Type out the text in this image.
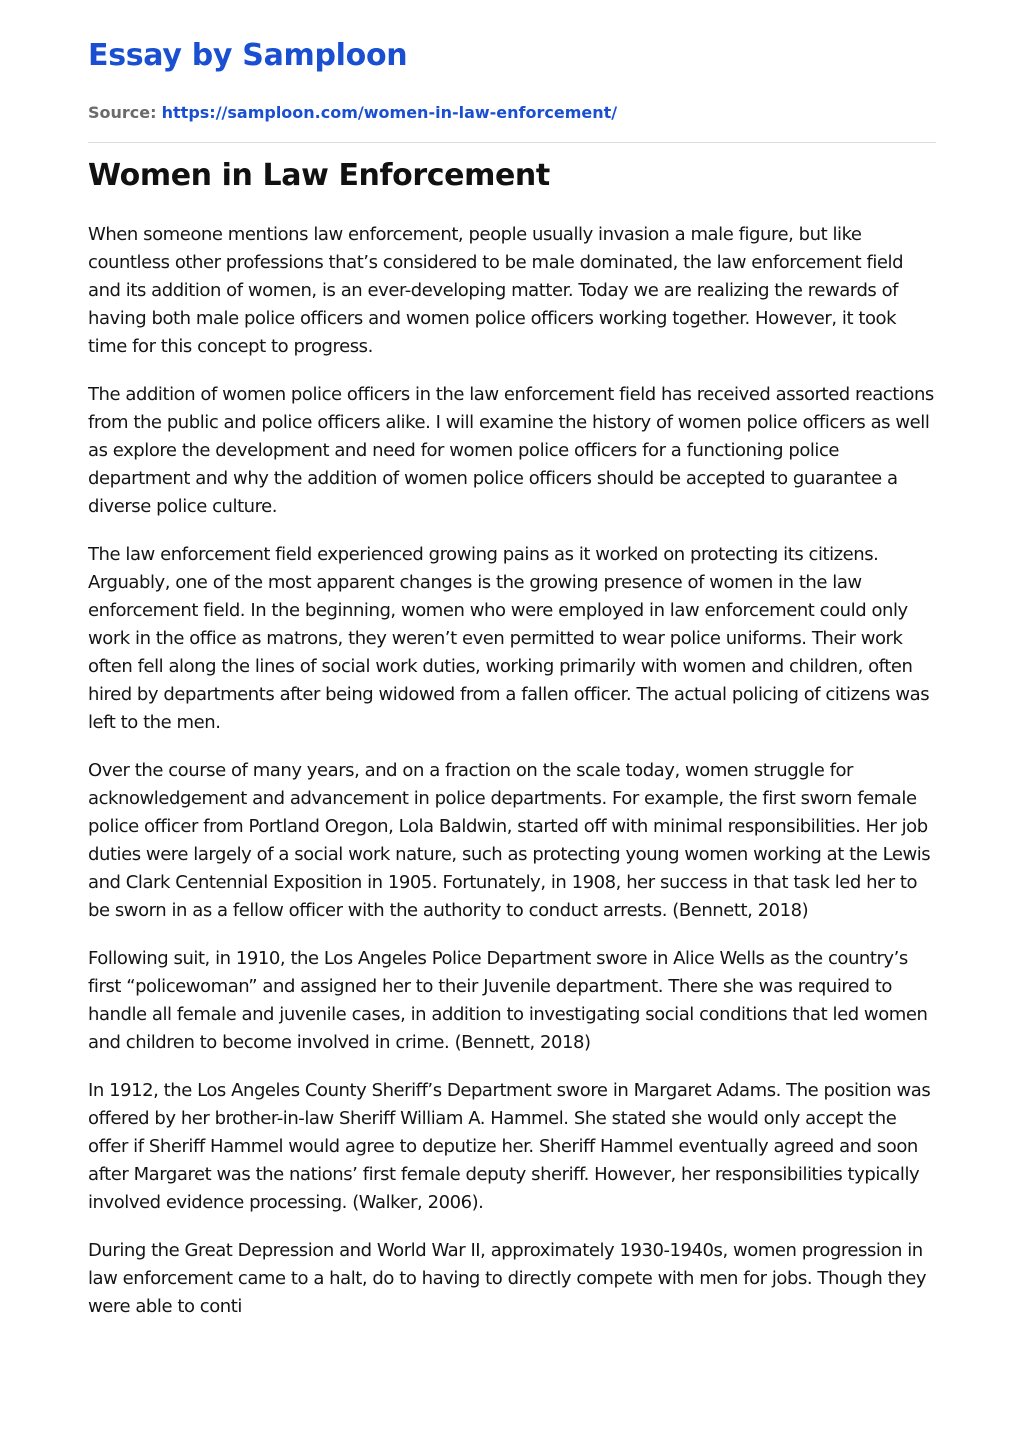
Essay by Samploon
Source: https://samploon.com/women-in-law-enforcement/
Women in Law Enforcement

When someone mentions law enforcement, people usually invasion a male figure, but like countless other professions that’s considered to be male dominated, the law enforcement field and its addition of women, is an ever-developing matter. Today we are realizing the rewards of having both male police officers and women police officers working together. However, it took time for this concept to progress.

The addition of women police officers in the law enforcement field has received assorted reactions from the public and police officers alike. I will examine the history of women police officers as well as explore the development and need for women police officers for a functioning police department and why the addition of women police officers should be accepted to guarantee a diverse police culture.

The law enforcement field experienced growing pains as it worked on protecting its citizens. Arguably, one of the most apparent changes is the growing presence of women in the law enforcement field. In the beginning, women who were employed in law enforcement could only work in the office as matrons, they weren’t even permitted to wear police uniforms. Their work often fell along the lines of social work duties, working primarily with women and children, often hired by departments after being widowed from a fallen officer. The actual policing of citizens was left to the men.

Over the course of many years, and on a fraction on the scale today, women struggle for acknowledgement and advancement in police departments. For example, the first sworn female police officer from Portland Oregon, Lola Baldwin, started off with minimal responsibilities. Her job duties were largely of a social work nature, such as protecting young women working at the Lewis and Clark Centennial Exposition in 1905. Fortunately, in 1908, her success in that task led her to be sworn in as a fellow officer with the authority to conduct arrests. (Bennett, 2018)

Following suit, in 1910, the Los Angeles Police Department swore in Alice Wells as the country’s first “policewoman” and assigned her to their Juvenile department. There she was required to handle all female and juvenile cases, in addition to investigating social conditions that led women and children to become involved in crime. (Bennett, 2018)

In 1912, the Los Angeles County Sheriff’s Department swore in Margaret Adams. The position was offered by her brother-in-law Sheriff William A. Hammel. She stated she would only accept the offer if Sheriff Hammel would agree to deputize her. Sheriff Hammel eventually agreed and soon after Margaret was the nations’ first female deputy sheriff. However, her responsibilities typically involved evidence processing. (Walker, 2006).

During the Great Depression and World War II, approximately 1930-1940s, women progression in law enforcement came to a halt, do to having to directly compete with men for jobs. Though they were able to conti
